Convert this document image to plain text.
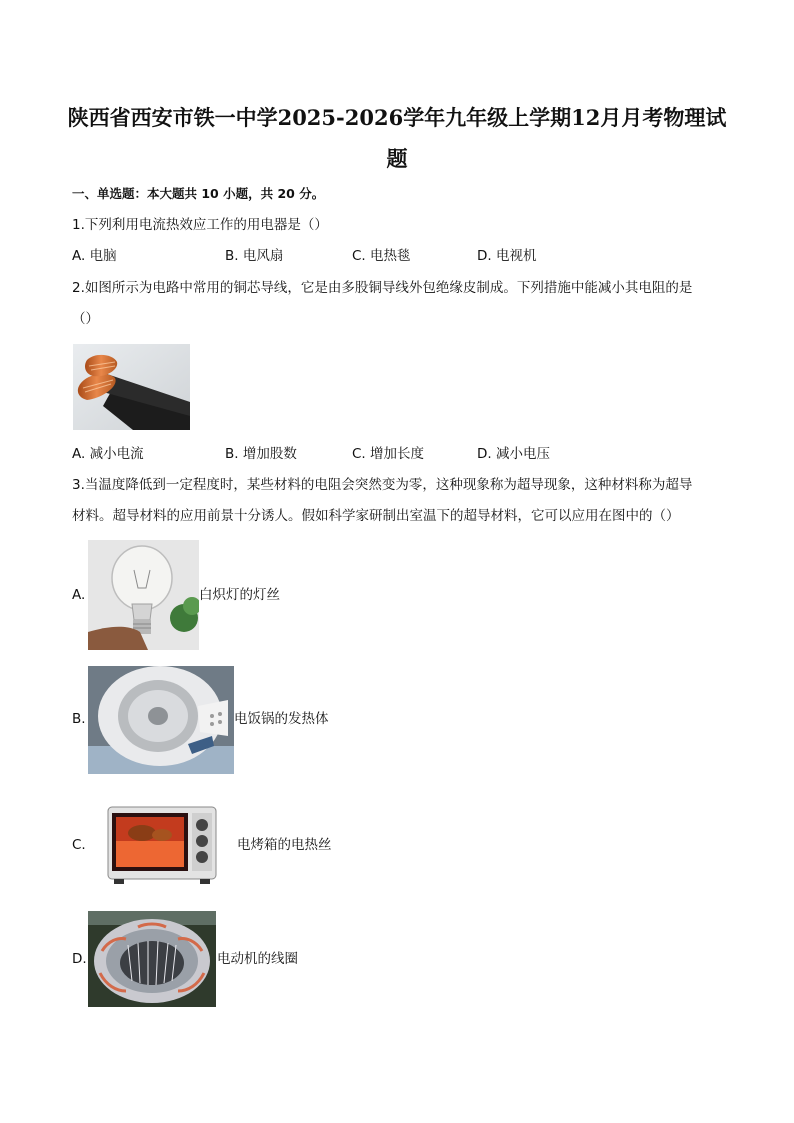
陕西省西安市铁一中学2025-2026学年九年级上学期12月月考物理试
题
一、单选题：本大题共 10 小题，共 20 分。
1.下列利用电流热效应工作的用电器是（）
A. 电脑	B. 电风扇	C. 电热毯	D. 电视机
2.如图所示为电路中常用的铜芯导线，它是由多股铜导线外包绝缘皮制成。下列措施中能减小其电阻的是
（）
A. 减小电流	B. 增加股数	C. 增加长度	D. 减小电压
3.当温度降低到一定程度时，某些材料的电阻会突然变为零，这种现象称为超导现象，这种材料称为超导
材料。超导材料的应用前景十分诱人。假如科学家研制出室温下的超导材料，它可以应用在图中的（）
A.	白炽灯的灯丝
B.	电饭锅的发热体
C.	电烤箱的电热丝
D.	电动机的线圈
